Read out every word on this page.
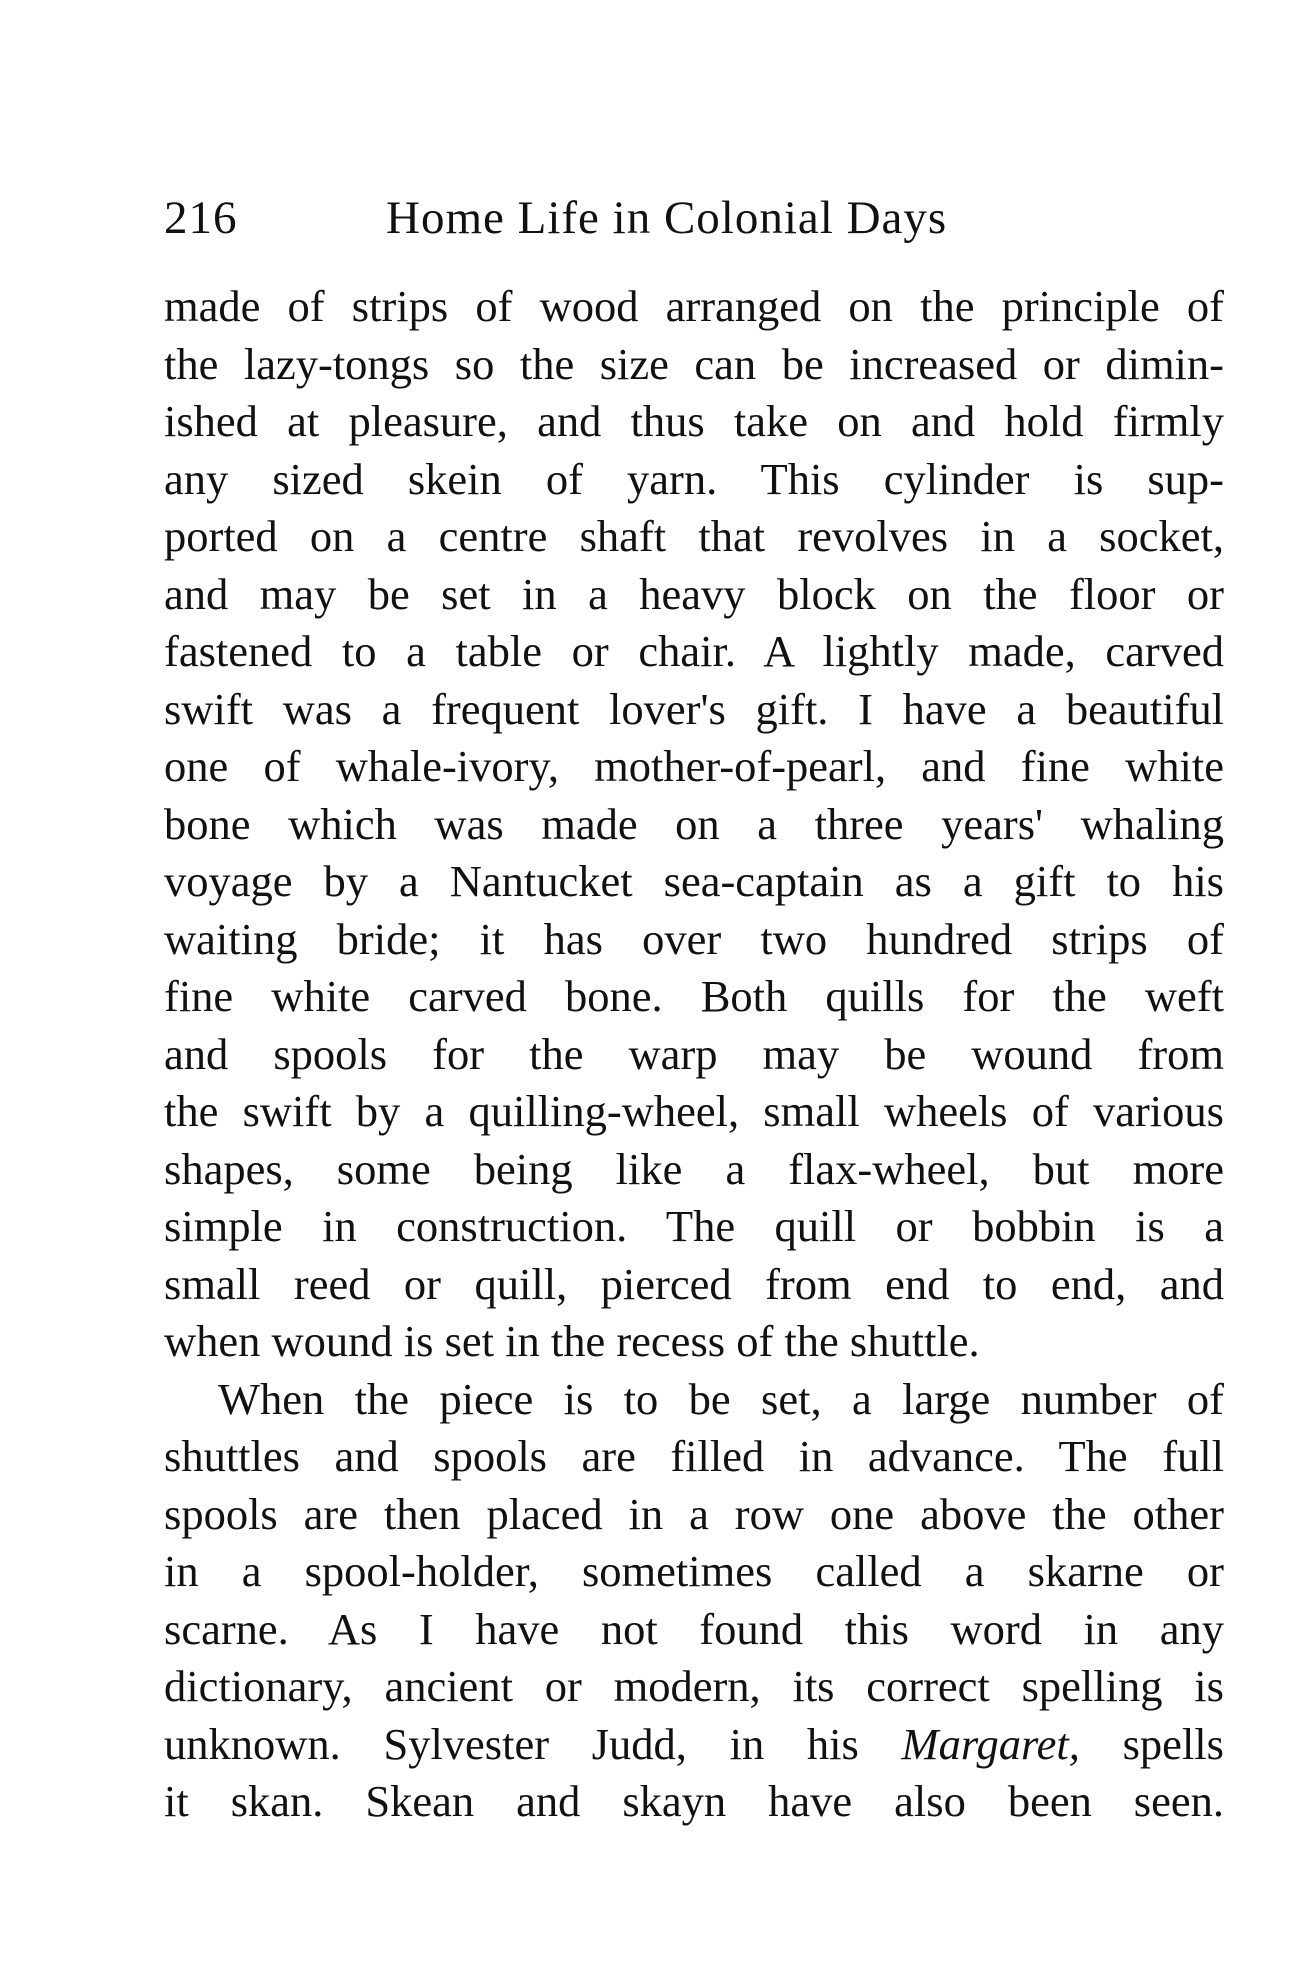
216	Home Life in Colonial Days
made of strips of wood arranged on the principle of
the lazy-tongs so the size can be increased or dimin-
ished at pleasure, and thus take on and hold firmly
any sized skein of yarn. This cylinder is sup-
ported on a centre shaft that revolves in a socket,
and may be set in a heavy block on the floor or
fastened to a table or chair. A lightly made, carved
swift was a frequent lover's gift. I have a beautiful
one of whale-ivory, mother-of-pearl, and fine white
bone which was made on a three years' whaling
voyage by a Nantucket sea-captain as a gift to his
waiting bride; it has over two hundred strips of
fine white carved bone. Both quills for the weft
and spools for the warp may be wound from
the swift by a quilling-wheel, small wheels of various
shapes, some being like a flax-wheel, but more
simple in construction. The quill or bobbin is a
small reed or quill, pierced from end to end, and
when wound is set in the recess of the shuttle.
When the piece is to be set, a large number of
shuttles and spools are filled in advance. The full
spools are then placed in a row one above the other
in a spool-holder, sometimes called a skarne or
scarne. As I have not found this word in any
dictionary, ancient or modern, its correct spelling is
unknown. Sylvester Judd, in his Margaret, spells
it skan. Skean and skayn have also been seen.
